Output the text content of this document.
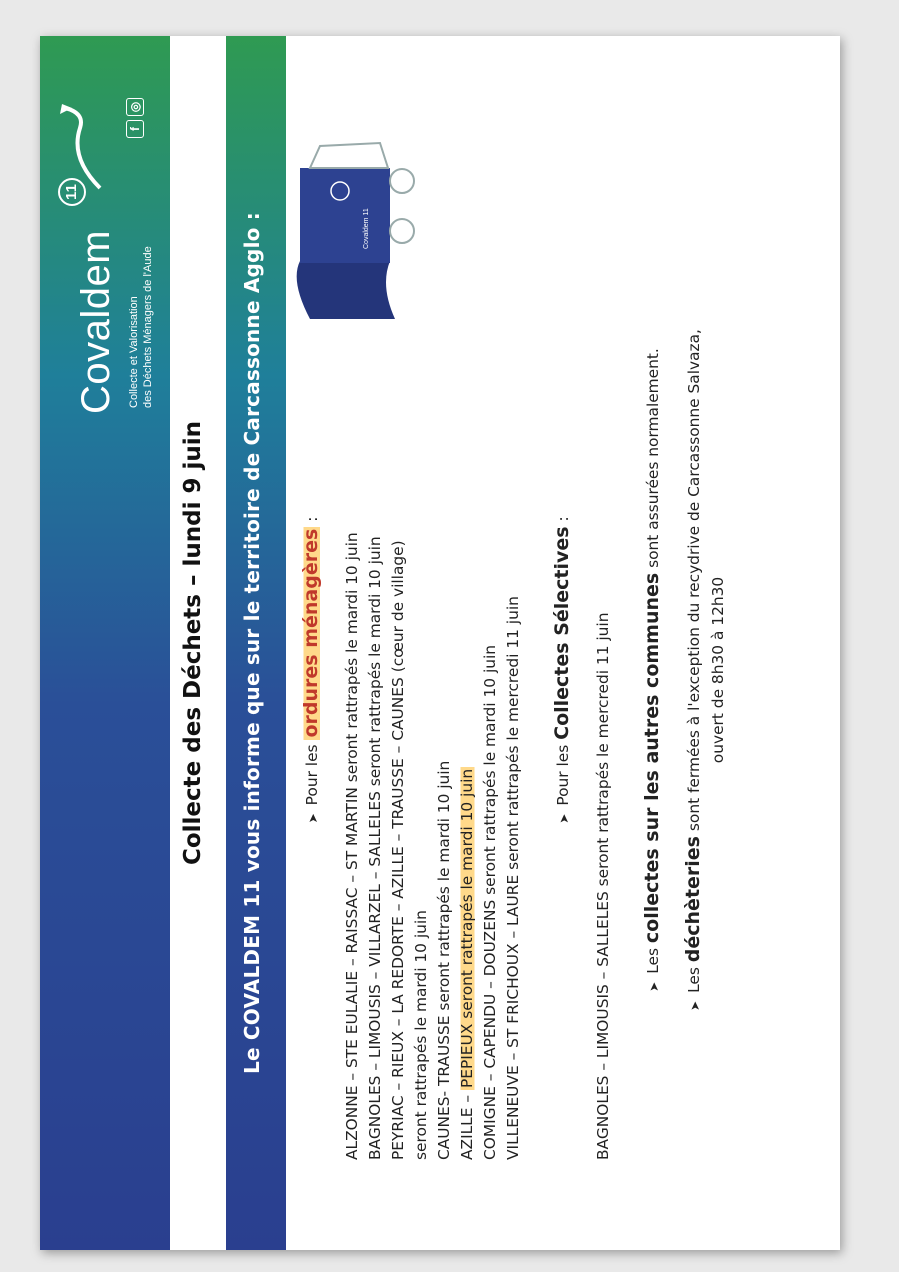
Covaldem
11
Collecte et Valorisation des Déchets Ménagers de l'Aude
f
◎
Collecte des Déchets – lundi 9 juin Le COVALDEM 11 vous informe que sur le territoire de Carcassonne Agglo :	Covaldem 11
➤Pour les ordures ménagères :
ALZONNE – STE EULALIE – RAISSAC – ST MARTIN seront rattrapés le mardi 10 juin BAGNOLES – LIMOUSIS – VILLARZEL – SALLELES seront rattrapés le mardi 10 juin PEYRIAC – RIEUX – LA REDORTE – AZILLE – TRAUSSE – CAUNES (cœur de village) seront rattrapés le mardi 10 juin CAUNES- TRAUSSE seront rattrapés le mardi 10 juin AZILLE – PEPIEUX seront rattrapés le mardi 10 juin COMIGNE – CAPENDU – DOUZENS seront rattrapés le mardi 10 juin VILLENEUVE – ST FRICHOUX – LAURE seront rattrapés le mercredi 11 juin	➤Pour les Collectes Sélectives :
BAGNOLES – LIMOUSIS – SALLELES seront rattrapés le mercredi 11 juin	➤Les collectes sur les autres communes sont assurées normalement.
➤Les déchèteries sont fermées à l'exception du recydrive de Carcassonne Salvaza, ouvert de 8h30 à 12h30
